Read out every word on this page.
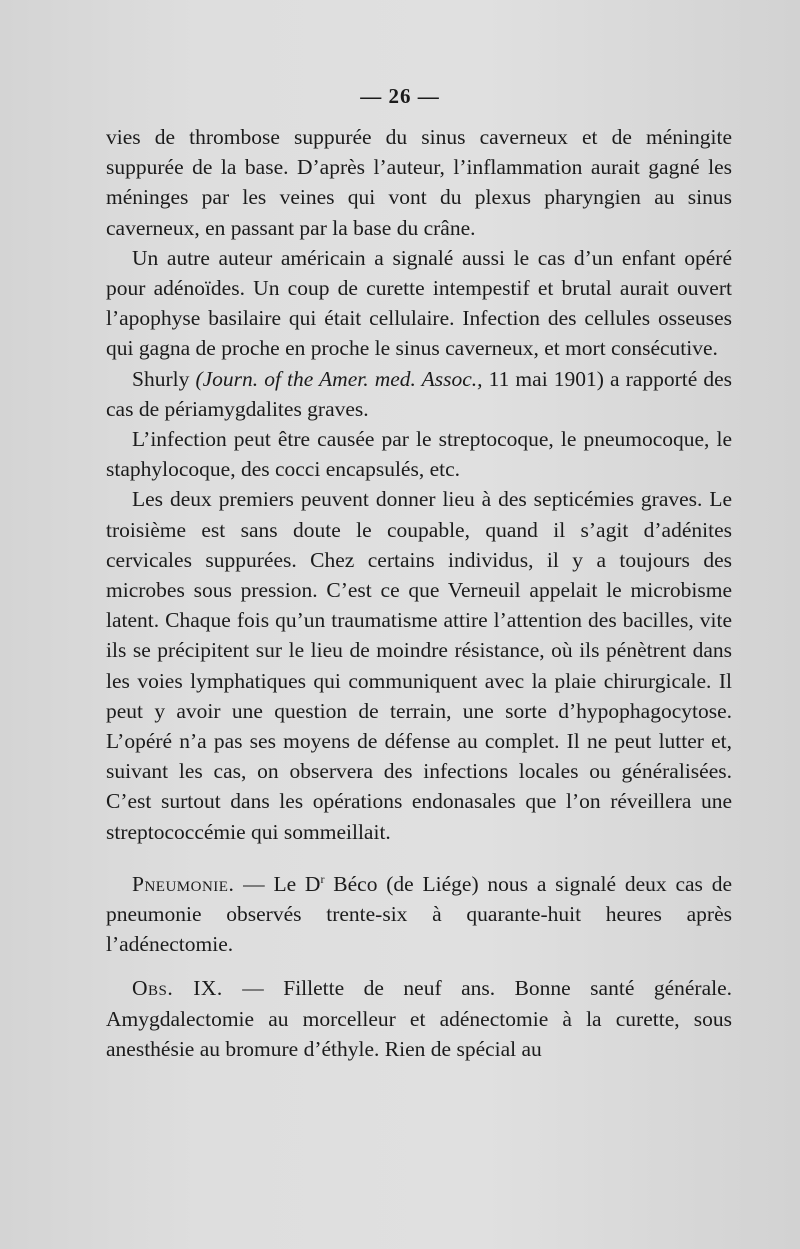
— 26 —

vies de thrombose suppurée du sinus caverneux et de méningite suppurée de la base. D’après l’auteur, l’inflammation aurait gagné les méninges par les veines qui vont du plexus pharyngien au sinus caverneux, en passant par la base du crâne.

Un autre auteur américain a signalé aussi le cas d’un enfant opéré pour adénoïdes. Un coup de curette intempestif et brutal aurait ouvert l’apophyse basilaire qui était cellulaire. Infection des cellules osseuses qui gagna de proche en proche le sinus caverneux, et mort consécutive.

Shurly (Journ. of the Amer. med. Assoc., 11 mai 1901) a rapporté des cas de périamygdalites graves.

L’infection peut être causée par le streptocoque, le pneumocoque, le staphylocoque, des cocci encapsulés, etc.

Les deux premiers peuvent donner lieu à des septicémies graves. Le troisième est sans doute le coupable, quand il s’agit d’adénites cervicales suppurées. Chez certains individus, il y a toujours des microbes sous pression. C’est ce que Verneuil appelait le microbisme latent. Chaque fois qu’un traumatisme attire l’attention des bacilles, vite ils se précipitent sur le lieu de moindre résistance, où ils pénètrent dans les voies lymphatiques qui communiquent avec la plaie chirurgicale. Il peut y avoir une question de terrain, une sorte d’hypophagocytose. L’opéré n’a pas ses moyens de défense au complet. Il ne peut lutter et, suivant les cas, on observera des infections locales ou généralisées. C’est surtout dans les opérations endonasales que l’on réveillera une streptococcémie qui sommeillait.

Pneumonie. — Le $D^r$ Béco (de Liége) nous a signalé deux cas de pneumonie observés trente-six à quarante-huit heures après l’adénectomie.

Obs. IX. — Fillette de neuf ans. Bonne santé générale. Amygdalectomie au morcelleur et adénectomie à la curette, sous anesthésie au bromure d’éthyle. Rien de spécial au
